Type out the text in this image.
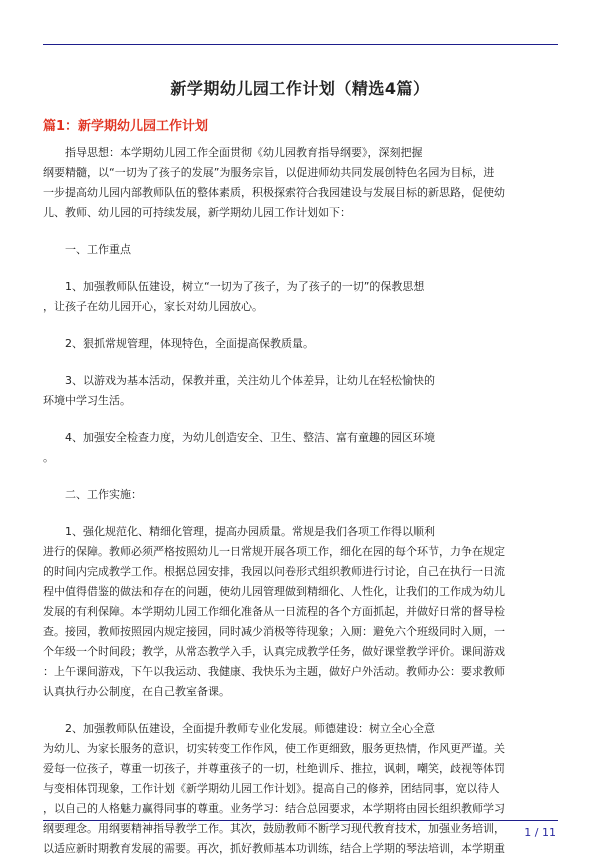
新学期幼儿园工作计划（精选4篇）
篇1：新学期幼儿园工作计划

　　指导思想：本学期幼儿园工作全面贯彻《幼儿园教育指导纲要》，深刻把握

纲要精髓，以“一切为了孩子的发展”为服务宗旨，以促进师幼共同发展创特色名园为目标，进

一步提高幼儿园内部教师队伍的整体素质，积极探索符合我园建设与发展目标的新思路，促使幼

儿、教师、幼儿园的可持续发展，新学期幼儿园工作计划如下：

　　一、工作重点

　　1、加强教师队伍建设，树立“一切为了孩子，为了孩子的一切”的保教思想

，让孩子在幼儿园开心，家长对幼儿园放心。

　　2、狠抓常规管理，体现特色，全面提高保教质量。

　　3、以游戏为基本活动，保教并重，关注幼儿个体差异，让幼儿在轻松愉快的

环境中学习生活。

　　4、加强安全检查力度，为幼儿创造安全、卫生、整洁、富有童趣的园区环境

。

　　二、工作实施：

　　1、强化规范化、精细化管理，提高办园质量。常规是我们各项工作得以顺利

进行的保障。教师必须严格按照幼儿一日常规开展各项工作，细化在园的每个环节，力争在规定

的时间内完成教学工作。根据总园安排，我园以问卷形式组织教师进行讨论，自己在执行一日流

程中值得借鉴的做法和存在的问题，使幼儿园管理做到精细化、人性化，让我们的工作成为幼儿

发展的有利保障。本学期幼儿园工作细化准备从一日流程的各个方面抓起，并做好日常的督导检

查。接园，教师按照园内规定接园，同时减少消极等待现象；入厕：避免六个班级同时入厕，一

个年级一个时间段；教学，从常态教学入手，认真完成教学任务，做好课堂教学评价。课间游戏

：上午课间游戏，下午以我运动、我健康、我快乐为主题，做好户外活动。教师办公：要求教师

认真执行办公制度，在自己教室备课。

　　2、加强教师队伍建设，全面提升教师专业化发展。师德建设：树立全心全意

为幼儿、为家长服务的意识，切实转变工作作风，使工作更细致，服务更热情，作风更严谨。关

爱每一位孩子，尊重一切孩子，并尊重孩子的一切，杜绝训斥、推拉，讽刺，嘲笑，歧视等体罚

与变相体罚现象，工作计划《新学期幼儿园工作计划》。提高自己的修养，团结同事，宽以待人

，以自己的人格魅力赢得同事的尊重。业务学习：结合总园要求，本学期将由园长组织教师学习

纲要理念。用纲要精神指导教学工作。其次，鼓励教师不断学习现代教育技术，加强业务培训，

以适应新时期教育发展的需要。再次，抓好教师基本功训练，结合上学期的琴法培训，本学期重

1 / 11
